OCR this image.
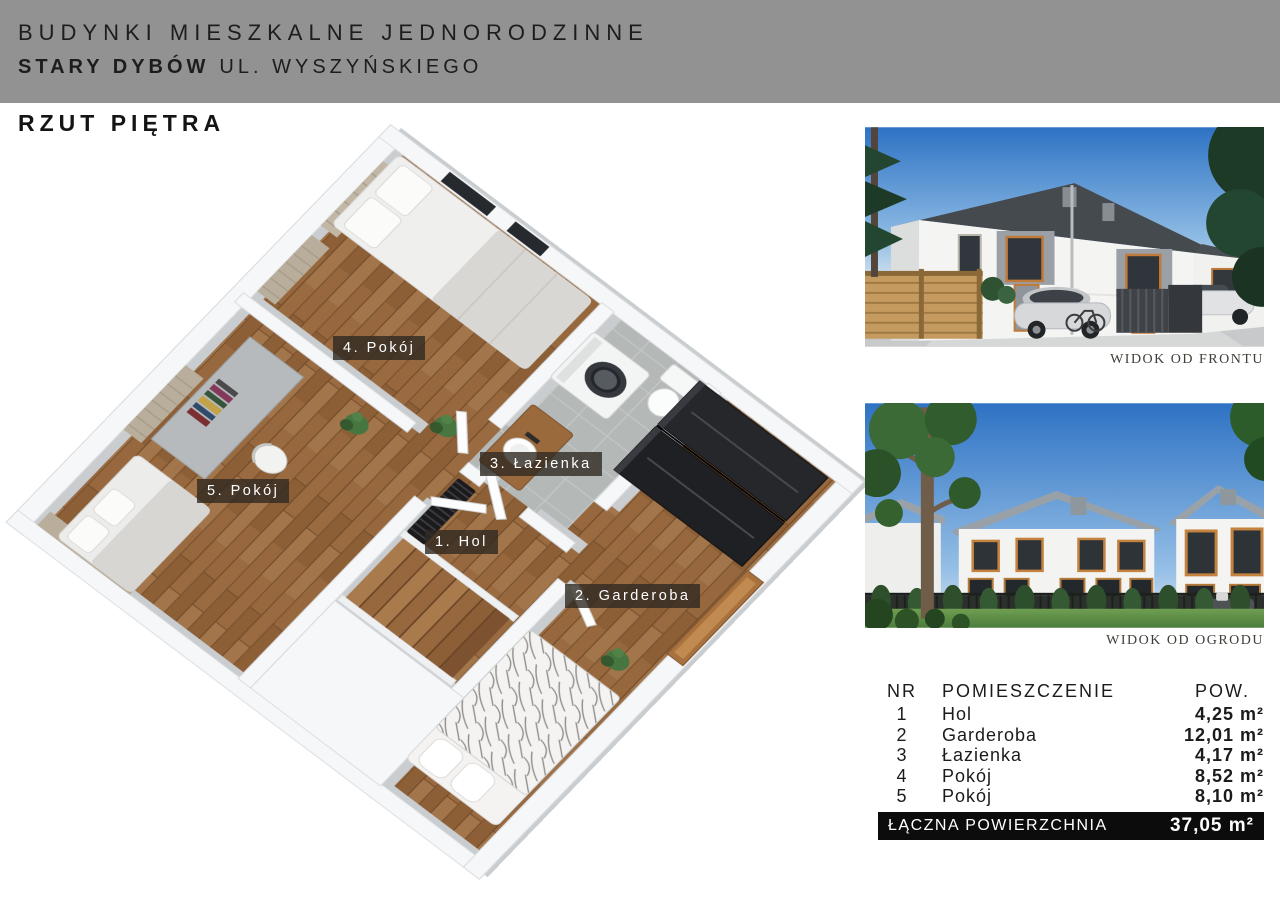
BUDYNKI MIESZKALNE JEDNORODZINNE
STARY DYBÓW UL. WYSZYŃSKIEGO
RZUT PIĘTRA
1. Hol
2. Garderoba
3. Łazienka
4. Pokój
5. Pokój
WIDOK OD FRONTU
WIDOK OD OGRODU
NR	POMIESZCZENIE	POW.
1	Hol	4,25 m²
2	Garderoba	12,01 m²
3	Łazienka	4,17 m²
4	Pokój	8,52 m²
5	Pokój	8,10 m²
ŁĄCZNA POWIERZCHNIA	37,05 m²
